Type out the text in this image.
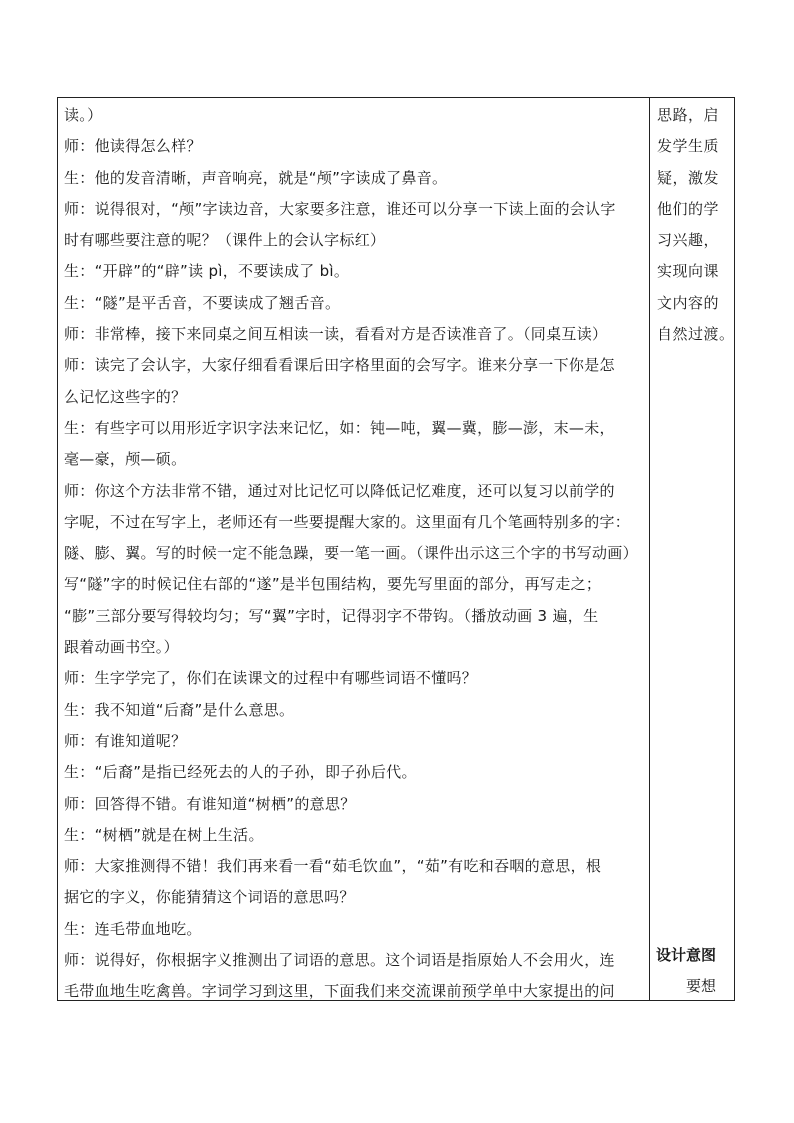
读。）
师：他读得怎么样？
生：他的发音清晰，声音响亮，就是“颅”字读成了鼻音。
师：说得很对，“颅”字读边音，大家要多注意，谁还可以分享一下读上面的会认字
时有哪些要注意的呢？（课件上的会认字标红）
生：“开辟”的“辟”读 pì，不要读成了 bì。
生：“隧”是平舌音，不要读成了翘舌音。
师：非常棒，接下来同桌之间互相读一读，看看对方是否读准音了。（同桌互读）
师：读完了会认字，大家仔细看看课后田字格里面的会写字。谁来分享一下你是怎
么记忆这些字的？
生：有些字可以用形近字识字法来记忆，如：钝—吨，翼—冀，膨—澎，末—未，
毫—豪，颅—硕。
师：你这个方法非常不错，通过对比记忆可以降低记忆难度，还可以复习以前学的
字呢，不过在写字上，老师还有一些要提醒大家的。这里面有几个笔画特别多的字：
隧、膨、翼。写的时候一定不能急躁，要一笔一画。（课件出示这三个字的书写动画）
写“隧”字的时候记住右部的“遂”是半包围结构，要先写里面的部分，再写走之；
“膨”三部分要写得较均匀；写“翼”字时，记得羽字不带钩。（播放动画 3 遍，生
跟着动画书空。）
师：生字学完了，你们在读课文的过程中有哪些词语不懂吗？
生：我不知道“后裔”是什么意思。
师：有谁知道呢？
生：“后裔”是指已经死去的人的子孙，即子孙后代。
师：回答得不错。有谁知道“树栖”的意思？
生：“树栖”就是在树上生活。
师：大家推测得不错！我们再来看一看“茹毛饮血”，“茹”有吃和吞咽的意思，根
据它的字义，你能猜猜这个词语的意思吗？
生：连毛带血地吃。
师：说得好，你根据字义推测出了词语的意思。这个词语是指原始人不会用火，连
毛带血地生吃禽兽。字词学习到这里，下面我们来交流课前预学单中大家提出的问
思路，启
发学生质
疑，激发
他们的学
习兴趣，
实现向课
文内容的
自然过渡。
设计意图
要想
